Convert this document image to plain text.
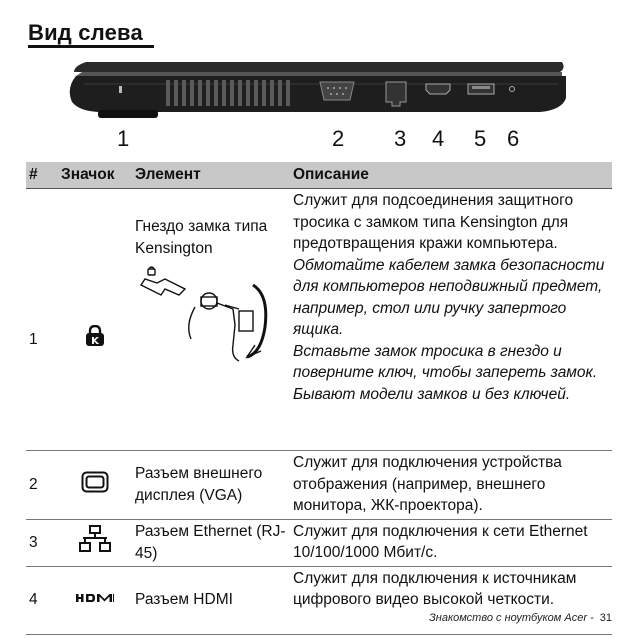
Вид слева
1	2 3 4 5 6
#	Значок	Элемент	Описание
1	K	Гнездо замка типа Kensington	Служит для подсоединения защитного тросика с замком типа Kensington для предотвращения кражи компьютера.
Обмотайте кабелем замка безопасности для компьютеров неподвижный предмет, например, стол или ручку запертого ящика.
Вставьте замок тросика в гнездо и поверните ключ, чтобы запереть замок.
Бывают модели замков и без ключей.

2		Разъем внешнего дисплея (VGA)	Служит для подключения устройства отображения (например, внешнего монитора, ЖК-проектора).
3		Разъем Ethernet (RJ-45)	Служит для подключения к сети Ethernet 10/100/1000 Мбит/с.
4		Разъем HDMI	Служит для подключения к источникам цифрового видео высокой четкости.
Знакомство с ноутбуком Acer - 31
